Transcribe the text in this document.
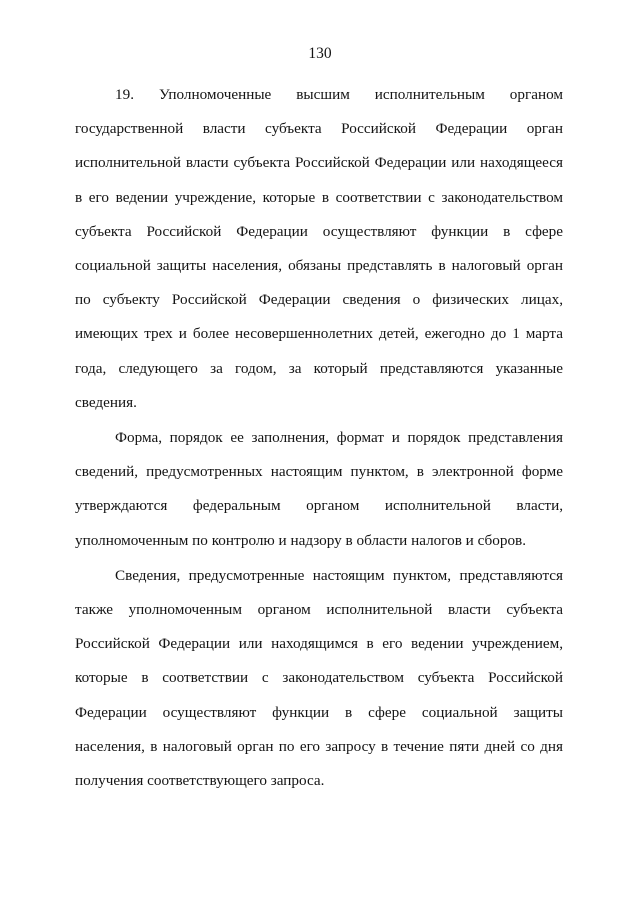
130

19. Уполномоченные высшим исполнительным органом государственной власти субъекта Российской Федерации орган исполнительной власти субъекта Российской Федерации или находящееся в его ведении учреждение, которые в соответствии с законодательством субъекта Российской Федерации осуществляют функции в сфере социальной защиты населения, обязаны представлять в налоговый орган по субъекту Российской Федерации сведения о физических лицах, имеющих трех и более несовершеннолетних детей, ежегодно до 1 марта года, следующего за годом, за который представляются указанные сведения.

Форма, порядок ее заполнения, формат и порядок представления сведений, предусмотренных настоящим пунктом, в электронной форме утверждаются федеральным органом исполнительной власти, уполномоченным по контролю и надзору в области налогов и сборов.

Сведения, предусмотренные настоящим пунктом, представляются также уполномоченным органом исполнительной власти субъекта Российской Федерации или находящимся в его ведении учреждением, которые в соответствии с законодательством субъекта Российской Федерации осуществляют функции в сфере социальной защиты населения, в налоговый орган по его запросу в течение пяти дней со дня получения соответствующего запроса.
